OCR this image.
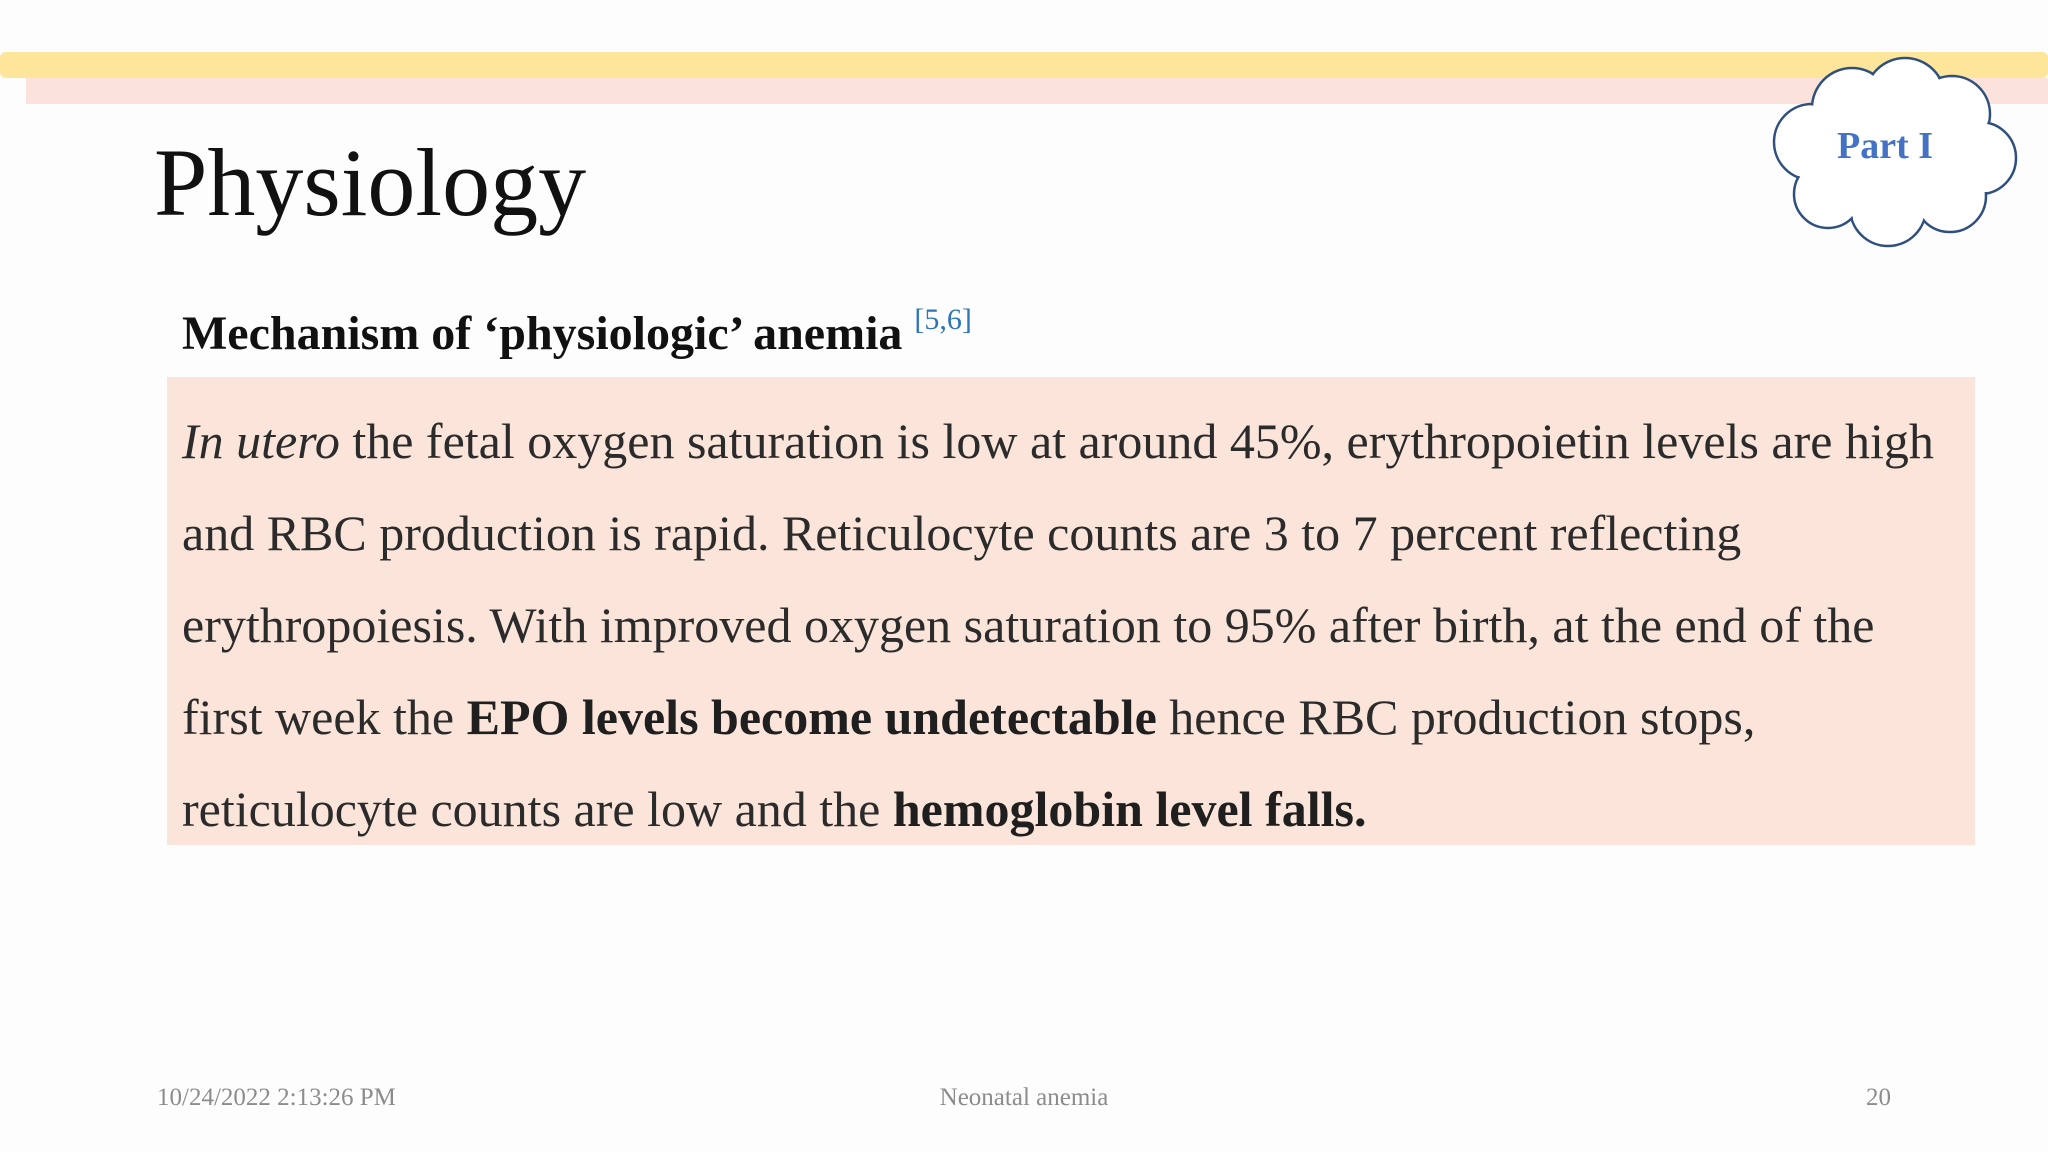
Physiology	Part I
Mechanism of ‘physiologic’ anemia [5,6]

In utero the fetal oxygen saturation is low at around 45%, erythropoietin levels are high and RBC production is rapid. Reticulocyte counts are 3 to 7 percent reflecting erythropoiesis. With improved oxygen saturation to 95% after birth, at the end of the first week the EPO levels become undetectable hence RBC production stops, reticulocyte counts are low and the hemoglobin level falls.

10/24/2022 2:13:26 PM	Neonatal anemia	20
